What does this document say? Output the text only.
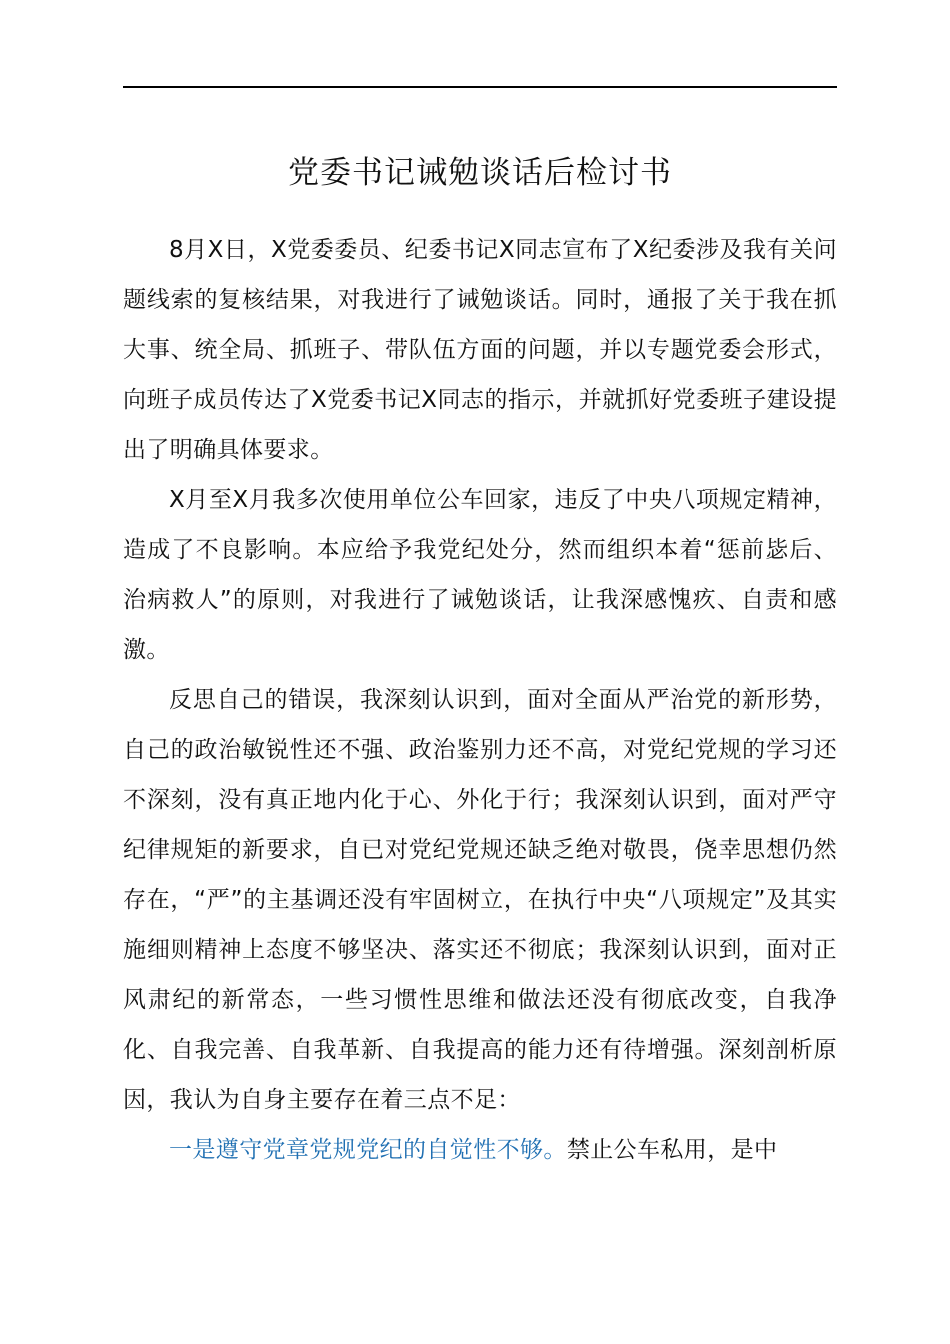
党委书记诫勉谈话后检讨书

8月X日，X党委委员、纪委书记X同志宣布了X纪委涉及我有关问题线索的复核结果，对我进行了诫勉谈话。同时，通报了关于我在抓大事、统全局、抓班子、带队伍方面的问题，并以专题党委会形式，向班子成员传达了X党委书记X同志的指示，并就抓好党委班子建设提出了明确具体要求。

X月至X月我多次使用单位公车回家，违反了中央八项规定精神，造成了不良影响。本应给予我党纪处分，然而组织本着“惩前毖后、治病救人”的原则，对我进行了诫勉谈话，让我深感愧疚、自责和感激。

反思自己的错误，我深刻认识到，面对全面从严治党的新形势，自己的政治敏锐性还不强、政治鉴别力还不高，对党纪党规的学习还不深刻，没有真正地内化于心、外化于行；我深刻认识到，面对严守纪律规矩的新要求，自已对党纪党规还缺乏绝对敬畏，侥幸思想仍然存在，“严”的主基调还没有牢固树立，在执行中央“八项规定”及其实施细则精神上态度不够坚决、落实还不彻底；我深刻认识到，面对正风肃纪的新常态，一些习惯性思维和做法还没有彻底改变，自我净化、自我完善、自我革新、自我提高的能力还有待增强。深刻剖析原因，我认为自身主要存在着三点不足：

一是遵守党章党规党纪的自觉性不够。禁止公车私用，是中
